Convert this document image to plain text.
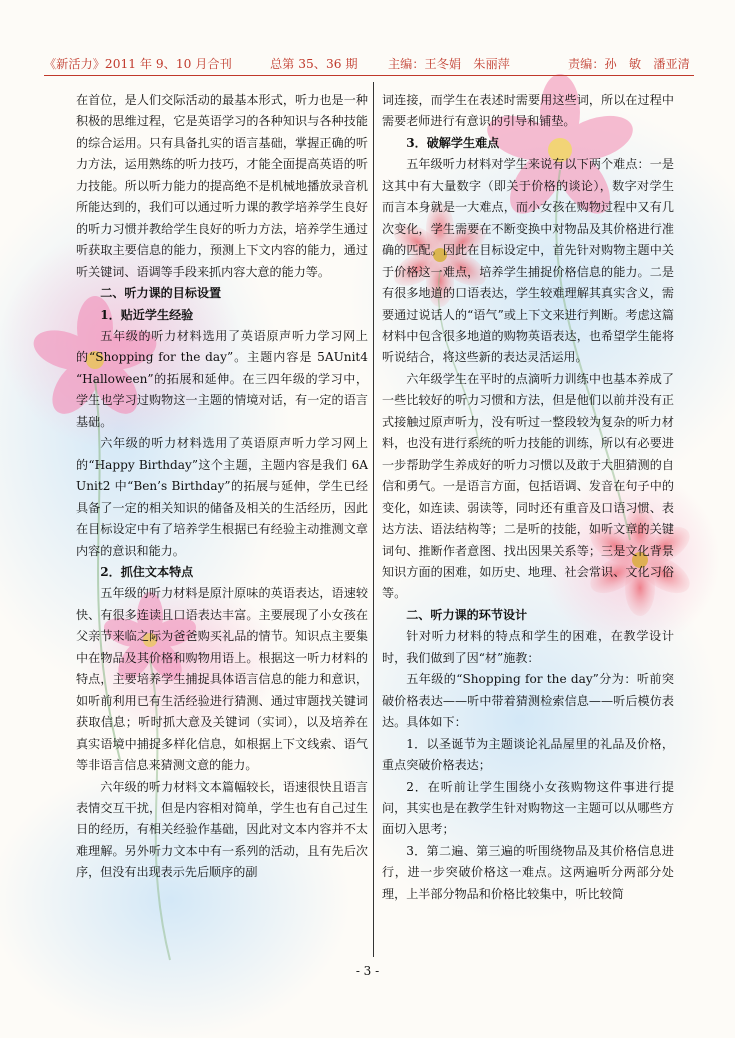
《新活力》2011 年 9、10 月合刊	总第 35、36 期	主编：王冬娟　朱丽萍	责编：孙　敏　潘亚清

在首位，是人们交际活动的最基本形式，听力也是一种积极的思维过程，它是英语学习的各种知识与各种技能的综合运用。只有具备扎实的语言基础，掌握正确的听力方法，运用熟练的听力技巧，才能全面提高英语的听力技能。所以听力能力的提高绝不是机械地播放录音机所能达到的，我们可以通过听力课的教学培养学生良好的听力习惯并教给学生良好的听力方法，培养学生通过听获取主要信息的能力，预测上下文内容的能力，通过听关键词、语调等手段来抓内容大意的能力等。

二、听力课的目标设置
1．贴近学生经验

五年级的听力材料选用了英语原声听力学习网上的“Shopping for the day”。主题内容是 5AUnit4 “Halloween”的拓展和延伸。在三四年级的学习中，学生也学习过购物这一主题的情境对话，有一定的语言基础。

六年级的听力材料选用了英语原声听力学习网上的“Happy Birthday”这个主题，主题内容是我们 6A Unit2 中“Ben’s Birthday”的拓展与延伸，学生已经具备了一定的相关知识的储备及相关的生活经历，因此在目标设定中有了培养学生根据已有经验主动推测文章内容的意识和能力。

2．抓住文本特点

五年级的听力材料是原汁原味的英语表达，语速较快、有很多连读且口语表达丰富。主要展现了小女孩在父亲节来临之际为爸爸购买礼品的情节。知识点主要集中在物品及其价格和购物用语上。根据这一听力材料的特点，主要培养学生捕捉具体语言信息的能力和意识，如听前利用已有生活经验进行猜测、通过审题找关键词获取信息；听时抓大意及关键词（实词），以及培养在真实语境中捕捉多样化信息，如根据上下文线索、语气等非语言信息来猜测文意的能力。

六年级的听力材料文本篇幅较长，语速很快且语言表情交互干扰，但是内容相对简单，学生也有自己过生日的经历，有相关经验作基础，因此对文本内容并不太难理解。另外听力文本中有一系列的活动，且有先后次序，但没有出现表示先后顺序的副

词连接，而学生在表述时需要用这些词，所以在过程中需要老师进行有意识的引导和铺垫。

3．破解学生难点

五年级听力材料对学生来说有以下两个难点：一是这其中有大量数字（即关于价格的谈论），数字对学生而言本身就是一大难点，而小女孩在购物过程中又有几次变化，学生需要在不断变换中对物品及其价格进行准确的匹配。因此在目标设定中，首先针对购物主题中关于价格这一难点，培养学生捕捉价格信息的能力。二是有很多地道的口语表达，学生较难理解其真实含义，需要通过说话人的“语气”或上下文来进行判断。考虑这篇材料中包含很多地道的购物英语表达，也希望学生能将听说结合，将这些新的表达灵活运用。

六年级学生在平时的点滴听力训练中也基本养成了一些比较好的听力习惯和方法，但是他们以前并没有正式接触过原声听力，没有听过一整段较为复杂的听力材料，也没有进行系统的听力技能的训练，所以有必要进一步帮助学生养成好的听力习惯以及敢于大胆猜测的自信和勇气。一是语言方面，包括语调、发音在句子中的变化，如连读、弱读等，同时还有重音及口语习惯、表达方法、语法结构等；二是听的技能，如听文章的关键词句、推断作者意图、找出因果关系等；三是文化背景知识方面的困难，如历史、地理、社会常识、文化习俗等。

二、听力课的环节设计

针对听力材料的特点和学生的困难，在教学设计时，我们做到了因“材”施教：

五年级的“Shopping for the day”分为：听前突破价格表达——听中带着猜测检索信息——听后模仿表达。具体如下：

1．以圣诞节为主题谈论礼品屋里的礼品及价格，重点突破价格表达；

2．在听前让学生围绕小女孩购物这件事进行提问，其实也是在教学生针对购物这一主题可以从哪些方面切入思考；

3．第二遍、第三遍的听围绕物品及其价格信息进行，进一步突破价格这一难点。这两遍听分两部分处理，上半部分物品和价格比较集中，听比较简

- 3 -
